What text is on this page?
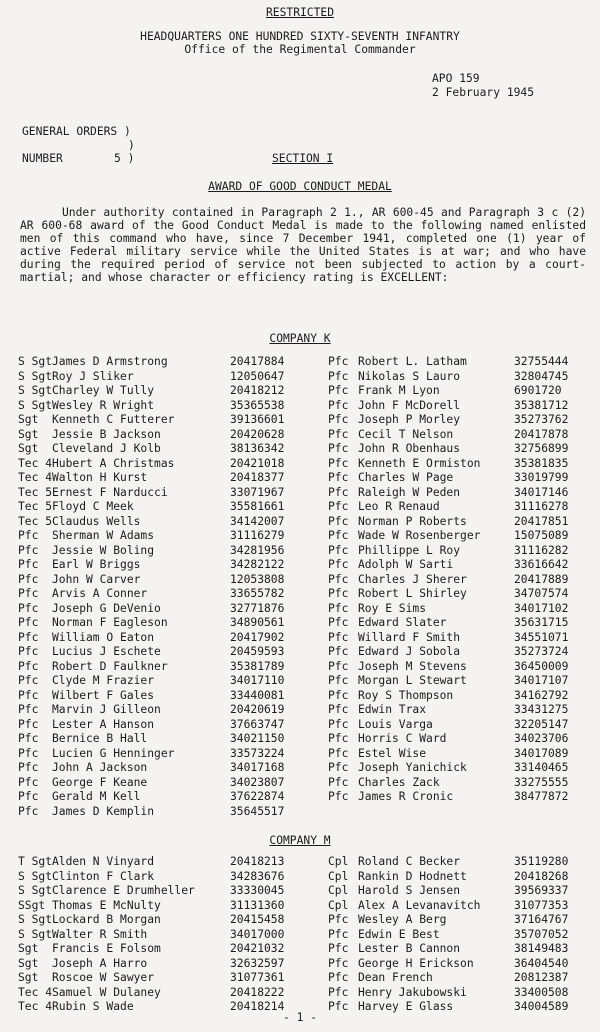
RESTRICTED
HEADQUARTERS ONE HUNDRED SIXTY-SEVENTH INFANTRY
Office of the Regimental Commander
APO 159
2 February 1945
GENERAL ORDERS )
)
NUMBER	5 )	SECTION I
AWARD OF GOOD CONDUCT MEDAL
Under authority contained in Paragraph 2 1., AR 600-45 and Paragraph 3 c (2) AR 600-68 award of the Good Conduct Medal is made to the following named enlisted men of this command who have, since 7 December 1941, completed one (1) year of active Federal military service while the United States is at war; and who have during the required period of service not been subjected to action by a court-martial; and whose character or efficiency rating is EXCELLENT:
COMPANY K
S Sgt James D Armstrong	20417884
S Sgt Roy J Sliker	12050647
S Sgt Charley W Tully	20418212
S Sgt Wesley R Wright	35365538
Sgt Kenneth C Futterer	39136601
Sgt Jessie B Jackson	20420628
Sgt Cleveland J Kolb	38136342
Tec 4 Hubert A Christmas	20421018
Tec 4 Walton H Kurst	20418377
Tec 5 Ernest F Narducci	33071967
Tec 5 Floyd C Meek	35581661
Tec 5 Claudus Wells	34142007
Pfc Sherman W Adams	31116279
Pfc Jessie W Boling	34281956
Pfc Earl W Briggs	34282122
Pfc John W Carver	12053808
Pfc Arvis A Conner	33655782
Pfc Joseph G DeVenio	32771876
Pfc Norman F Eagleson	34890561
Pfc William O Eaton	20417902
Pfc Lucius J Eschete	20459593
Pfc Robert D Faulkner	35381789
Pfc Clyde M Frazier	34017110
Pfc Wilbert F Gales	33440081
Pfc Marvin J Gilleon	20420619
Pfc Lester A Hanson	37663747
Pfc Bernice B Hall	34021150
Pfc Lucien G Henninger	33573224
Pfc John A Jackson	34017168
Pfc George F Keane	34023807
Pfc Gerald M Kell	37622874
Pfc James D Kemplin	35645517
Pfc Robert L. Latham	32755444
Pfc Nikolas S Lauro	32804745
Pfc Frank M Lyon	6901720
Pfc John F McDorell	35381712
Pfc Joseph P Morley	35273762
Pfc Cecil T Nelson	20417878
Pfc John R Obenhaus	32756899
Pfc Kenneth E Ormiston	35381835
Pfc Charles W Page	33019799
Pfc Raleigh W Peden	34017146
Pfc Leo R Renaud	31116278
Pfc Norman P Roberts	20417851
Pfc Wade W Rosenberger	15075089
Pfc Phillippe L Roy	31116282
Pfc Adolph W Sarti	33616642
Pfc Charles J Sherer	20417889
Pfc Robert L Shirley	34707574
Pfc Roy E Sims	34017102
Pfc Edward Slater	35631715
Pfc Willard F Smith	34551071
Pfc Edward J Sobola	35273724
Pfc Joseph M Stevens	36450009
Pfc Morgan L Stewart	34017107
Pfc Roy S Thompson	34162792
Pfc Edwin Trax	33431275
Pfc Louis Varga	32205147
Pfc Horris C Ward	34023706
Pfc Estel Wise	34017089
Pfc Joseph Yanichick	33140465
Pfc Charles Zack	33275555
Pfc James R Cronic	38477872
COMPANY M
T Sgt Alden N Vinyard	20418213
S Sgt Clinton F Clark	34283676
S Sgt Clarence E Drumheller	33330045
SSgt Thomas E McNulty	31131360
S Sgt Lockard B Morgan	20415458
S Sgt Walter R Smith	34017000
Sgt Francis E Folsom	20421032
Sgt Joseph A Harro	32632597
Sgt Roscoe W Sawyer	31077361
Tec 4 Samuel W Dulaney	20418222
Tec 4 Rubin S Wade	20418214
Cpl Roland C Becker	35119280
Cpl Rankin D Hodnett	20418268
Cpl Harold S Jensen	39569337
Cpl Alex A Levanavitch	31077353
Pfc Wesley A Berg	37164767
Pfc Edwin E Best	35707052
Pfc Lester B Cannon	38149483
Pfc George H Erickson	36404540
Pfc Dean French	20812387
Pfc Henry Jakubowski	33400508
Pfc Harvey E Glass	34004589
- 1 -
